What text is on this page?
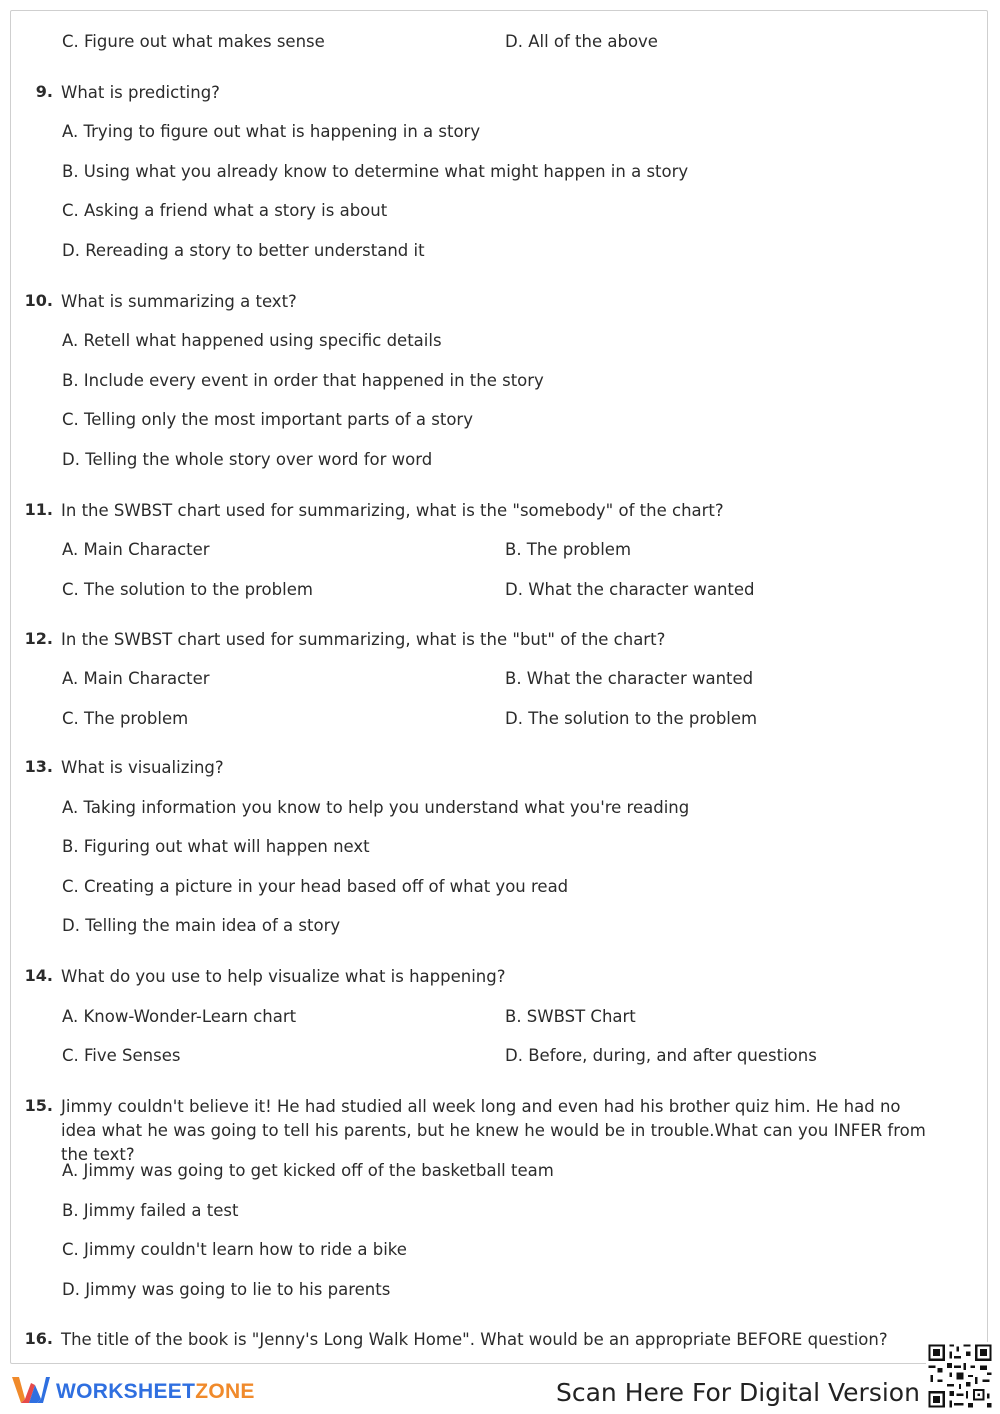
C. Figure out what makes sense	D. All of the above
9. What is predicting?
A. Trying to figure out what is happening in a story
B. Using what you already know to determine what might happen in a story
C. Asking a friend what a story is about
D. Rereading a story to better understand it
10. What is summarizing a text?
A. Retell what happened using specific details
B. Include every event in order that happened in the story
C. Telling only the most important parts of a story
D. Telling the whole story over word for word
11. In the SWBST chart used for summarizing, what is the "somebody" of the chart?
A. Main Character	B. The problem
C. The solution to the problem	D. What the character wanted
12. In the SWBST chart used for summarizing, what is the "but" of the chart?
A. Main Character	B. What the character wanted
C. The problem	D. The solution to the problem
13. What is visualizing?
A. Taking information you know to help you understand what you're reading
B. Figuring out what will happen next
C. Creating a picture in your head based off of what you read
D. Telling the main idea of a story
14. What do you use to help visualize what is happening?
A. Know-Wonder-Learn chart	B. SWBST Chart
C. Five Senses	D. Before, during, and after questions
15. Jimmy couldn't believe it! He had studied all week long and even had his brother quiz him. He had no idea what he was going to tell his parents, but he knew he would be in trouble.What can you INFER from the text?
A. Jimmy was going to get kicked off of the basketball team
B. Jimmy failed a test
C. Jimmy couldn't learn how to ride a bike
D. Jimmy was going to lie to his parents
16. The title of the book is "Jenny's Long Walk Home". What would be an appropriate BEFORE question?
WORKSHEETZONE	Scan Here For Digital Version
